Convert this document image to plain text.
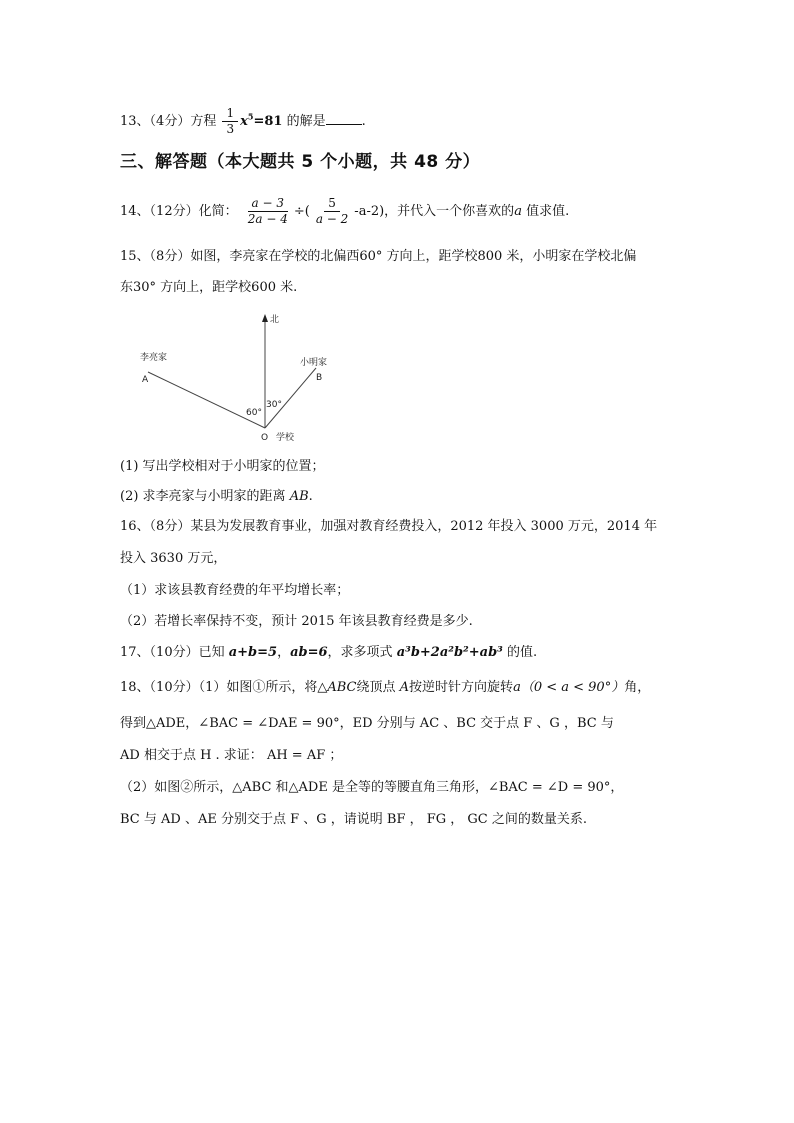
13、（4分）方程 $\frac{1}{3} x^5=81$ 的解是	.
三、解答题（本大题共 5 个小题，共 48 分）
14、（12分）化简： $\frac{a - 3}{2a - 4}$ ÷( $\frac{5}{a - 2} -a-2$)，并代入一个你喜欢的a 值求值.
15、（8分）如图，李亮家在学校的北偏西60° 方向上，距学校800 米，小明家在学校北偏
东30° 方向上，距学校600 米.
北
李亮家
A
小明家
B
60°
30°
O 学校
(1) 写出学校相对于小明家的位置；
(2) 求李亮家与小明家的距离 AB.
16、（8分）某县为发展教育事业，加强对教育经费投入，2012 年投入 3000 万元，2014 年
投入 3630 万元，
（1）求该县教育经费的年平均增长率；
（2）若增长率保持不变，预计 2015 年该县教育经费是多少.
17、（10分）已知 a+b=5，ab=6，求多项式 a³b+2a²b²+ab³ 的值.
18、（10分）（1）如图①所示，将△ABC绕顶点 A按逆时针方向旋转a（0 < a < 90°）角，
得到△ADE，∠BAC = ∠DAE = 90°，ED 分别与 AC 、BC 交于点 F 、G ，BC 与
AD 相交于点 H . 求证： AH = AF ；
（2）如图②所示，△ABC 和△ADE 是全等的等腰直角三角形，∠BAC = ∠D = 90°，
BC 与 AD 、AE 分别交于点 F 、G ，请说明 BF ， FG ， GC 之间的数量关系.
